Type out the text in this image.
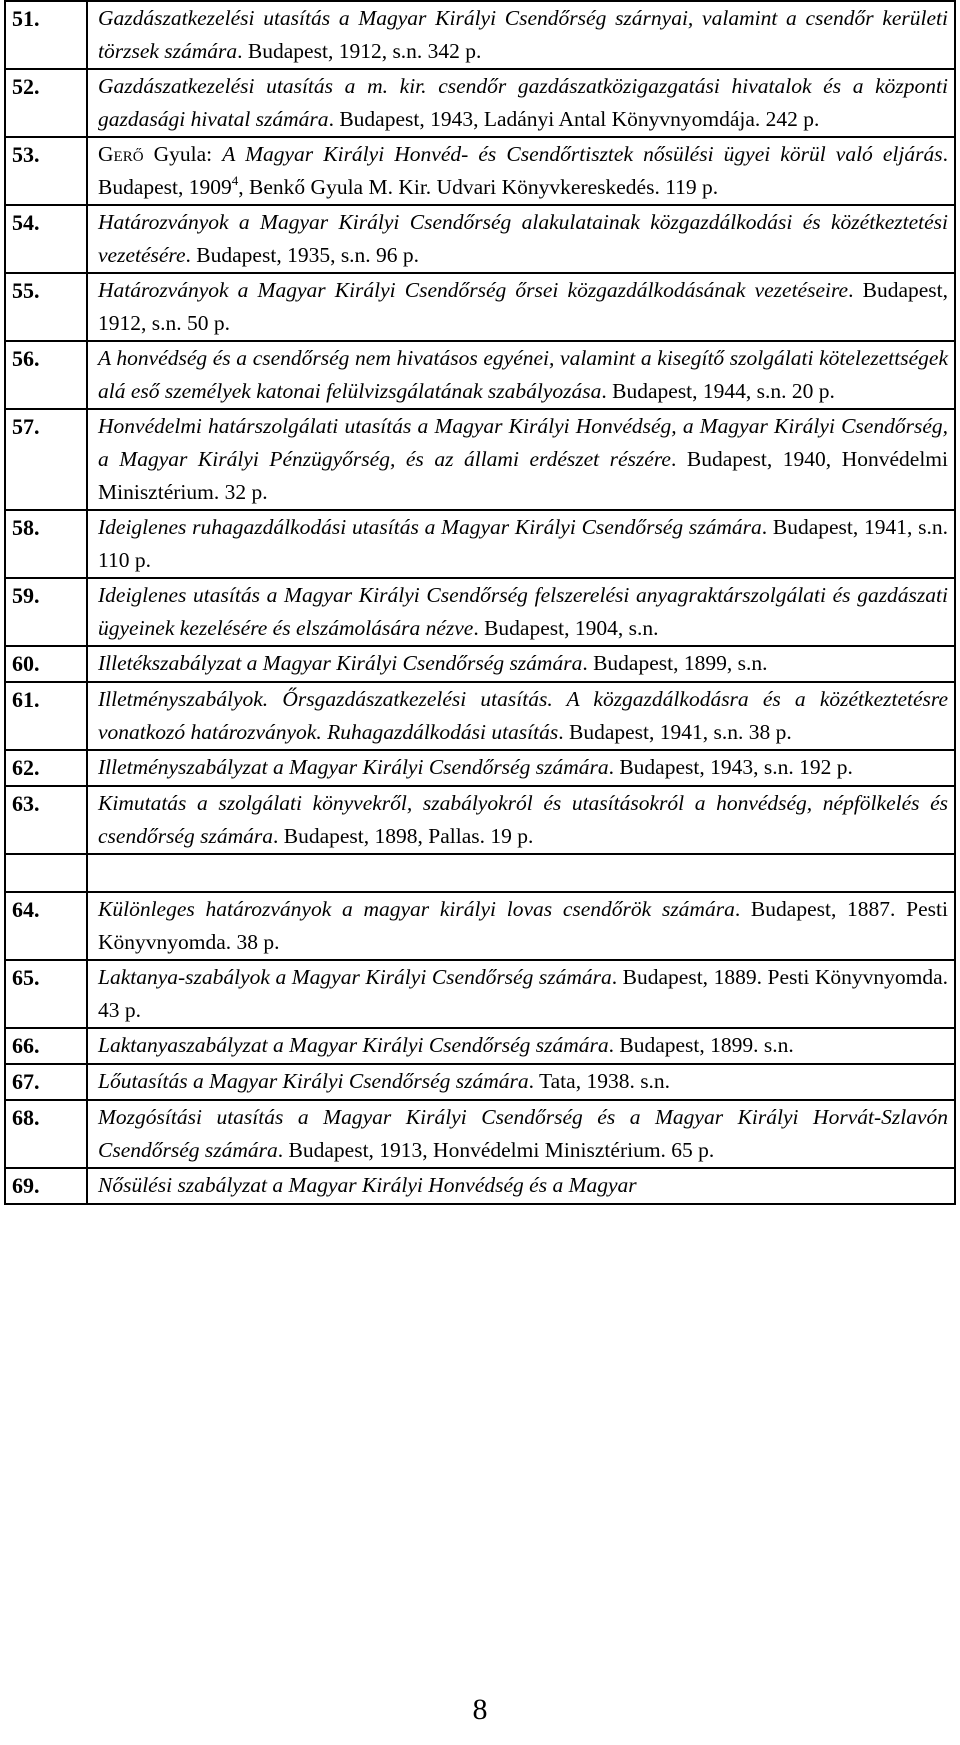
51.	Gazdászatkezelési utasítás a Magyar Királyi Csendőrség szárnyai, valamint a csendőr kerületi törzsek számára. Budapest, 1912, s.n. 342 p.

52.	Gazdászatkezelési utasítás a m. kir. csendőr gazdászatközigazgatási hivatalok és a központi gazdasági hivatal számára. Budapest, 1943, Ladányi Antal Könyvnyomdája. 242 p.

53.	Gerő Gyula: A Magyar Királyi Honvéd- és Csendőrtisztek nősülési ügyei körül való eljárás. Budapest, 1909$^4$, Benkő Gyula M. Kir. Udvari Könyvkereskedés. 119 p.

54.	Határozványok a Magyar Királyi Csendőrség alakulatainak közgazdálkodási és közétkeztetési vezetésére. Budapest, 1935, s.n. 96 p.

55.	Határozványok a Magyar Királyi Csendőrség őrsei közgazdálkodásának vezetéseire. Budapest, 1912, s.n. 50 p.

56.	A honvédség és a csendőrség nem hivatásos egyénei, valamint a kisegítő szolgálati kötelezettségek alá eső személyek katonai felülvizsgálatának szabályozása. Budapest, 1944, s.n. 20 p.

57.	Honvédelmi határszolgálati utasítás a Magyar Királyi Honvédség, a Magyar Királyi Csendőrség, a Magyar Királyi Pénzügyőrség, és az állami erdészet részére. Budapest, 1940, Honvédelmi Minisztérium. 32 p.

58.	Ideiglenes ruhagazdálkodási utasítás a Magyar Királyi Csendőrség számára. Budapest, 1941, s.n. 110 p.

59.	Ideiglenes utasítás a Magyar Királyi Csendőrség felszerelési anyagraktárszolgálati és gazdászati ügyeinek kezelésére és elszámolására nézve. Budapest, 1904, s.n.

60.	Illetékszabályzat a Magyar Királyi Csendőrség számára. Budapest, 1899, s.n.

61.	Illetményszabályok. Őrsgazdászatkezelési utasítás. A közgazdálkodásra és a közétkeztetésre vonatkozó határozványok. Ruhagazdálkodási utasítás. Budapest, 1941, s.n. 38 p.

62.	Illetményszabályzat a Magyar Királyi Csendőrség számára. Budapest, 1943, s.n. 192 p.

63.	Kimutatás a szolgálati könyvekről, szabályokról és utasításokról a honvédség, népfölkelés és csendőrség számára. Budapest, 1898, Pallas. 19 p.

64.	Különleges határozványok a magyar királyi lovas csendőrök számára. Budapest, 1887. Pesti Könyvnyomda. 38 p.

65.	Laktanya-szabályok a Magyar Királyi Csendőrség számára. Budapest, 1889. Pesti Könyvnyomda. 43 p.

66.	Laktanyaszabályzat a Magyar Királyi Csendőrség számára. Budapest, 1899. s.n.

67.	Lőutasítás a Magyar Királyi Csendőrség számára. Tata, 1938. s.n.

68.	Mozgósítási utasítás a Magyar Királyi Csendőrség és a Magyar Királyi Horvát-Szlavón Csendőrség számára. Budapest, 1913, Honvédelmi Minisztérium. 65 p.

69.	Nősülési szabályzat a Magyar Királyi Honvédség és a Magyar
8
